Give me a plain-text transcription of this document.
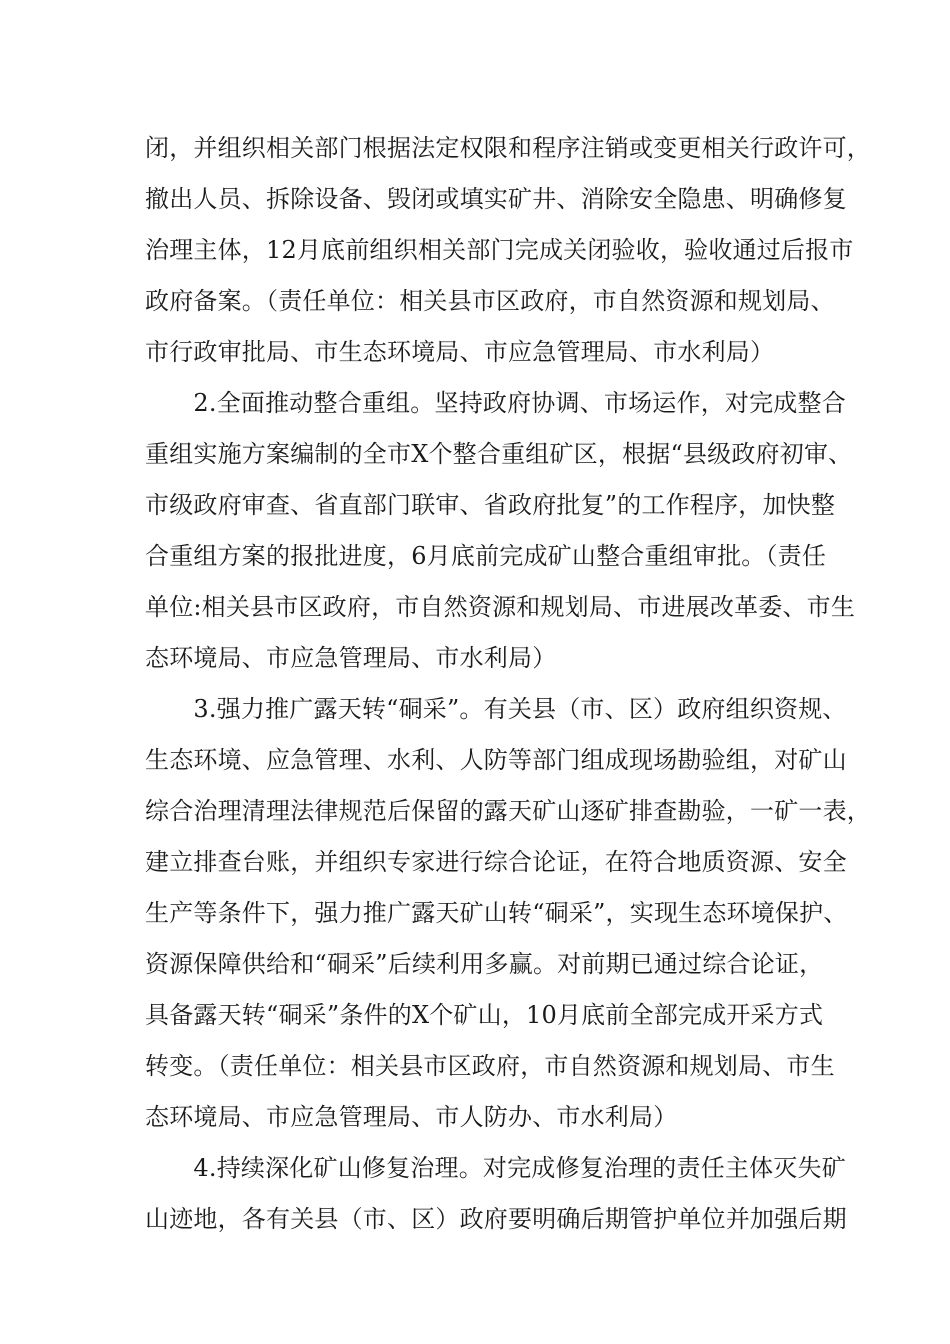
闭，并组织相关部门根据法定权限和程序注销或变更相关行政许可，
撤出人员、拆除设备、毁闭或填实矿井、消除安全隐患、明确修复
治理主体，12月底前组织相关部门完成关闭验收，验收通过后报市
政府备案。（责任单位：相关县市区政府，市自然资源和规划局、
市行政审批局、市生态环境局、市应急管理局、市水利局）
　　2.全面推动整合重组。坚持政府协调、市场运作，对完成整合
重组实施方案编制的全市X个整合重组矿区，根据“县级政府初审、
市级政府审查、省直部门联审、省政府批复”的工作程序，加快整
合重组方案的报批进度，6月底前完成矿山整合重组审批。（责任
单位:相关县市区政府，市自然资源和规划局、市进展改革委、市生
态环境局、市应急管理局、市水利局）
　　3.强力推广露天转“硐采”。有关县（市、区）政府组织资规、
生态环境、应急管理、水利、人防等部门组成现场勘验组，对矿山
综合治理清理法律规范后保留的露天矿山逐矿排查勘验，一矿一表，
建立排查台账，并组织专家进行综合论证，在符合地质资源、安全
生产等条件下，强力推广露天矿山转“硐采”，实现生态环境保护、
资源保障供给和“硐采”后续利用多赢。对前期已通过综合论证，
具备露天转“硐采”条件的X个矿山，10月底前全部完成开采方式
转变。（责任单位：相关县市区政府，市自然资源和规划局、市生
态环境局、市应急管理局、市人防办、市水利局）
　　4.持续深化矿山修复治理。对完成修复治理的责任主体灭失矿
山迹地，各有关县（市、区）政府要明确后期管护单位并加强后期
